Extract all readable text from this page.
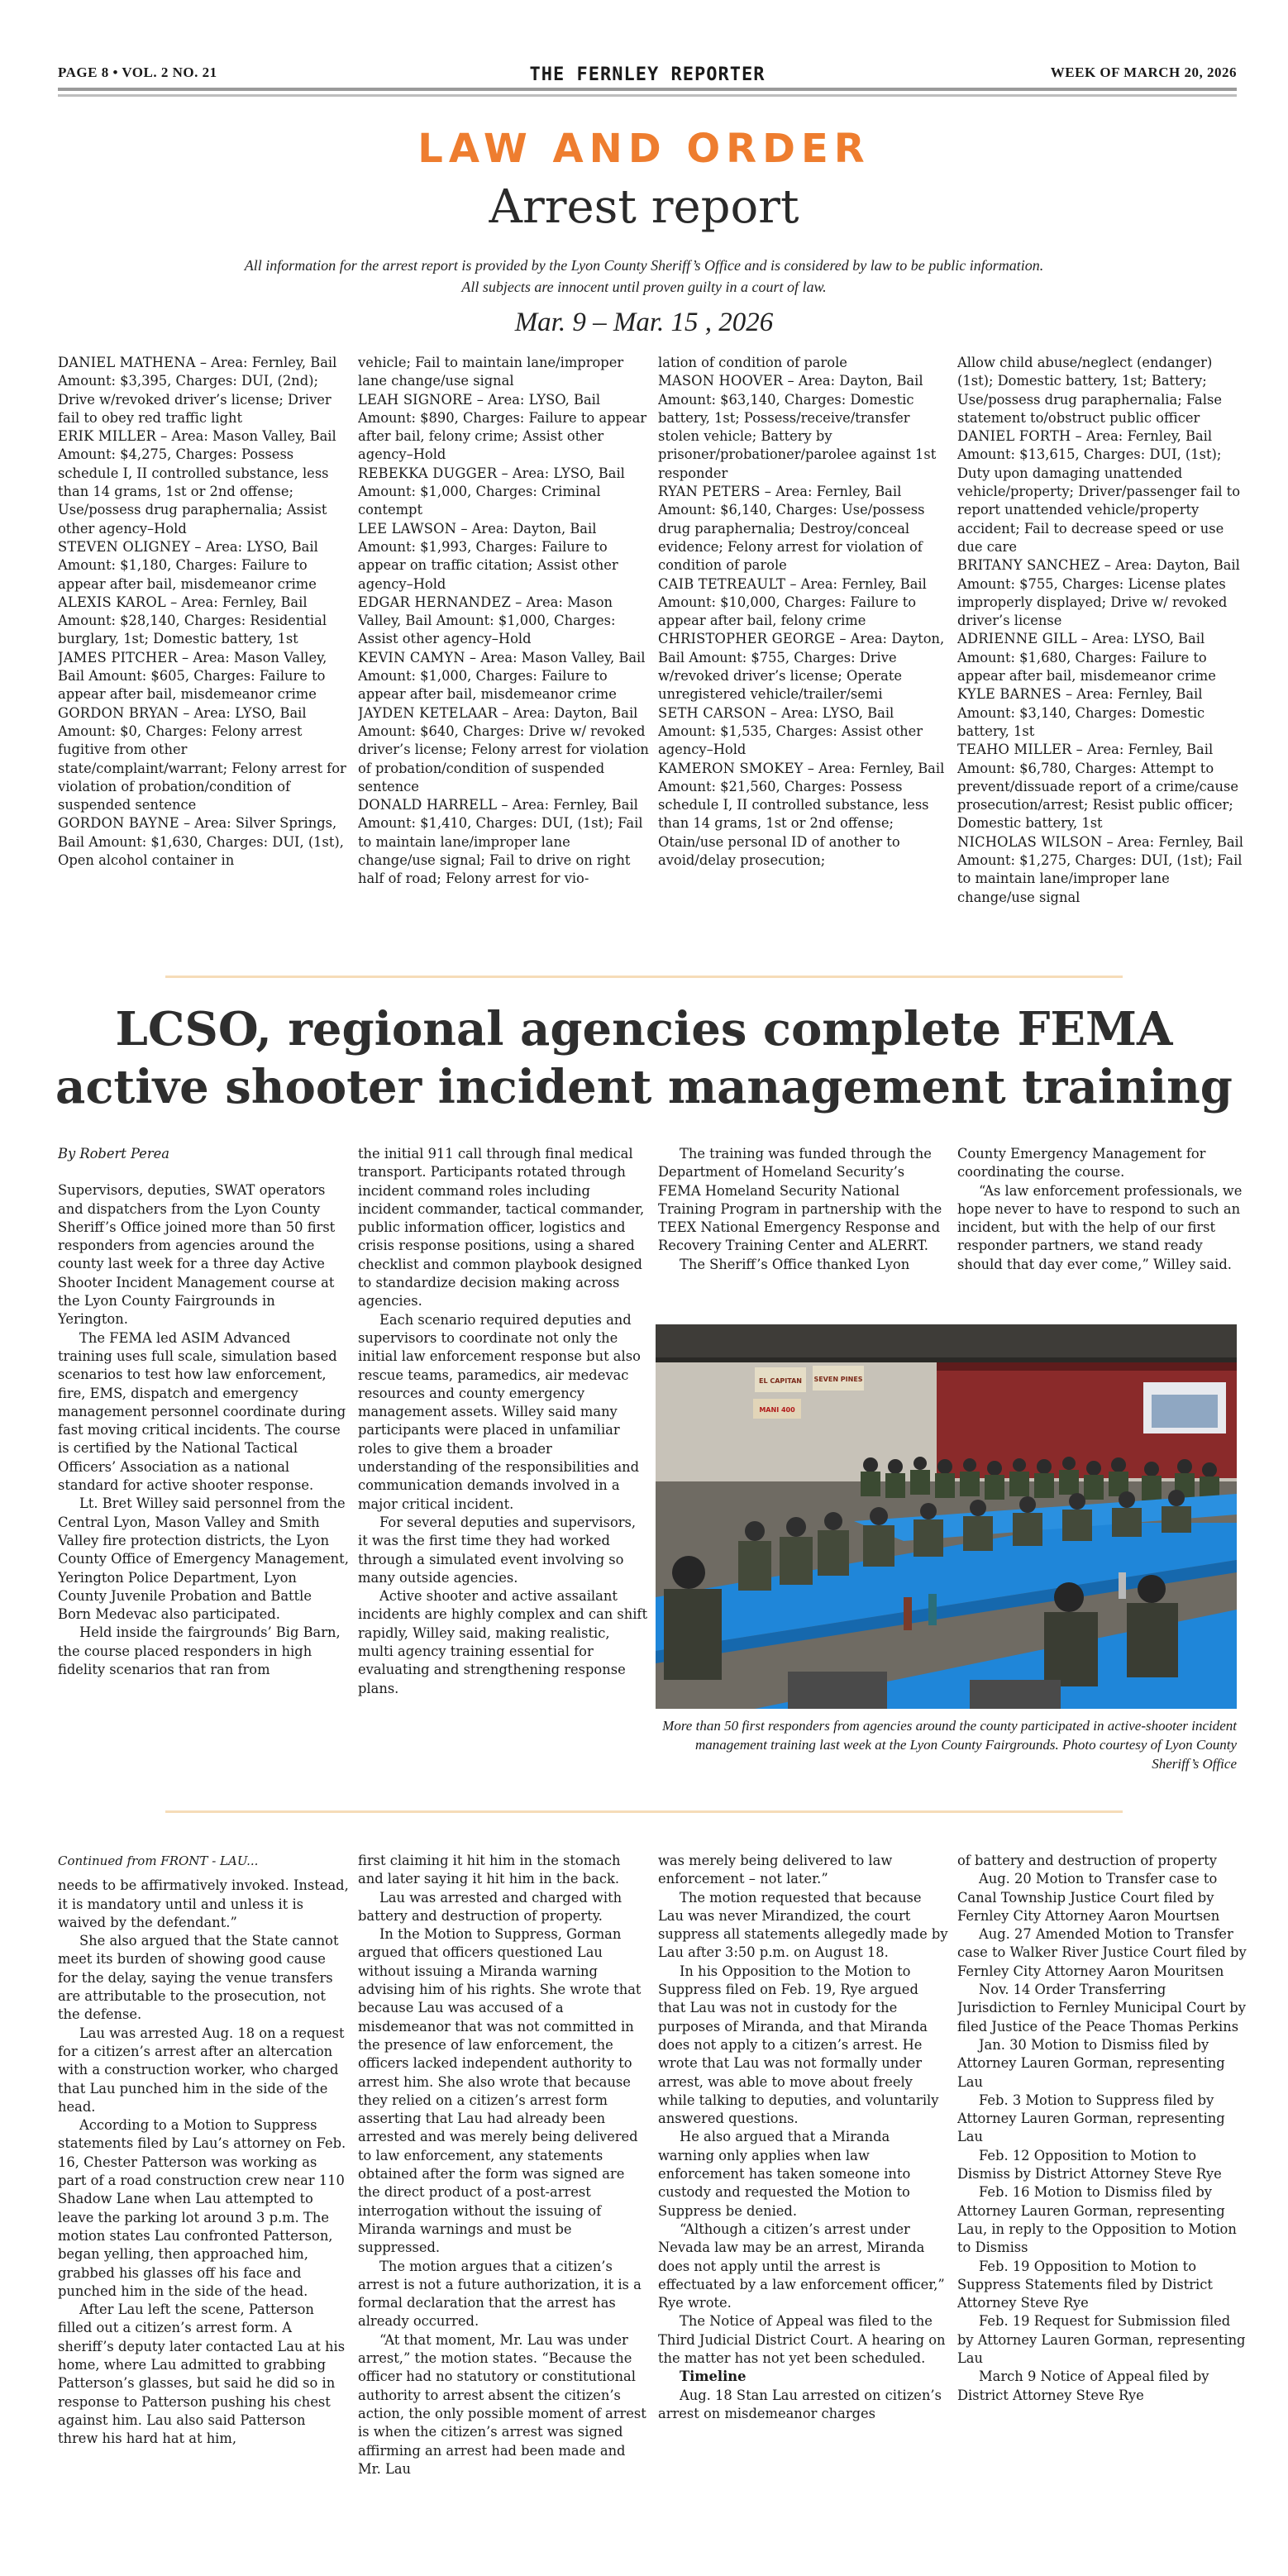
PAGE 8 • VOL. 2 NO. 21	THE FERNLEY REPORTER	WEEK OF MARCH 20, 2026
LAW AND ORDER
Arrest report
All information for the arrest report is provided by the Lyon County Sheriff’s Office and is considered by law to be public information.
All subjects are innocent until proven guilty in a court of law.
Mar. 9 – Mar. 15 , 2026

DANIEL MATHENA – Area: Fernley, Bail Amount: $3,395, Charges: DUI, (2nd); Drive w/revoked driver’s license; Driver fail to obey red traffic light

ERIK MILLER – Area: Mason Valley, Bail Amount: $4,275, Charges: Possess schedule I, II controlled substance, less than 14 grams, 1st or 2nd offense; Use/possess drug paraphernalia; Assist other agency–Hold

STEVEN OLIGNEY – Area: LYSO, Bail Amount: $1,180, Charges: Failure to appear after bail, misdemeanor crime

ALEXIS KAROL – Area: Fernley, Bail Amount: $28,140, Charges: Residential burglary, 1st; Domestic battery, 1st

JAMES PITCHER – Area: Mason Valley, Bail Amount: $605, Charges: Failure to appear after bail, misdemeanor crime

GORDON BRYAN – Area: LYSO, Bail Amount: $0, Charges: Felony arrest fugitive from other state/complaint/warrant; Felony arrest for violation of probation/condition of suspended sentence

GORDON BAYNE – Area: Silver Springs, Bail Amount: $1,630, Charges: DUI, (1st), Open alcohol container in

vehicle; Fail to maintain lane/improper lane change/use signal

LEAH SIGNORE – Area: LYSO, Bail Amount: $890, Charges: Failure to appear after bail, felony crime; Assist other agency–Hold

REBEKKA DUGGER – Area: LYSO, Bail Amount: $1,000, Charges: Criminal contempt

LEE LAWSON – Area: Dayton, Bail Amount: $1,993, Charges: Failure to appear on traffic citation; Assist other agency–Hold

EDGAR HERNANDEZ – Area: Mason Valley, Bail Amount: $1,000, Charges: Assist other agency–Hold

KEVIN CAMYN – Area: Mason Valley, Bail Amount: $1,000, Charges: Failure to appear after bail, misdemeanor crime

JAYDEN KETELAAR – Area: Dayton, Bail Amount: $640, Charges: Drive w/ revoked driver’s license; Felony arrest for violation of probation/condition of suspended sentence

DONALD HARRELL – Area: Fernley, Bail Amount: $1,410, Charges: DUI, (1st); Fail to maintain lane/improper lane change/use signal; Fail to drive on right half of road; Felony arrest for vio-

lation of condition of parole

MASON HOOVER – Area: Dayton, Bail Amount: $63,140, Charges: Domestic battery, 1st; Possess/receive/transfer stolen vehicle; Battery by prisoner/probationer/parolee against 1st responder

RYAN PETERS – Area: Fernley, Bail Amount: $6,140, Charges: Use/possess drug paraphernalia; Destroy/conceal evidence; Felony arrest for violation of condition of parole

CAIB TETREAULT – Area: Fernley, Bail Amount: $10,000, Charges: Failure to appear after bail, felony crime

CHRISTOPHER GEORGE – Area: Dayton, Bail Amount: $755, Charges: Drive w/revoked driver’s license; Operate unregistered vehicle/trailer/semi

SETH CARSON – Area: LYSO, Bail Amount: $1,535, Charges: Assist other agency–Hold

KAMERON SMOKEY – Area: Fernley, Bail Amount: $21,560, Charges: Possess schedule I, II controlled substance, less than 14 grams, 1st or 2nd offense; Otain/use personal ID of another to avoid/delay prosecution;

Allow child abuse/neglect (endanger) (1st); Domestic battery, 1st; Battery; Use/possess drug paraphernalia; False statement to/obstruct public officer

DANIEL FORTH – Area: Fernley, Bail Amount: $13,615, Charges: DUI, (1st); Duty upon damaging unattended vehicle/property; Driver/passenger fail to report unattended vehicle/property accident; Fail to decrease speed or use due care

BRITANY SANCHEZ – Area: Dayton, Bail Amount: $755, Charges: License plates improperly displayed; Drive w/ revoked driver’s license

ADRIENNE GILL – Area: LYSO, Bail Amount: $1,680, Charges: Failure to appear after bail, misdemeanor crime

KYLE BARNES – Area: Fernley, Bail Amount: $3,140, Charges: Domestic battery, 1st

TEAHO MILLER – Area: Fernley, Bail Amount: $6,780, Charges: Attempt to prevent/dissuade report of a crime/cause prosecution/arrest; Resist public officer; Domestic battery, 1st

NICHOLAS WILSON – Area: Fernley, Bail Amount: $1,275, Charges: DUI, (1st); Fail to maintain lane/improper lane change/use signal

LCSO, regional agencies complete FEMA active shooter incident management training

By Robert Perea

Supervisors, deputies, SWAT operators and dispatchers from the Lyon County Sheriff’s Office joined more than 50 first responders from agencies around the county last week for a three day Active Shooter Incident Management course at the Lyon County Fairgrounds in Yerington.

The FEMA led ASIM Advanced training uses full scale, simulation based scenarios to test how law enforcement, fire, EMS, dispatch and emergency management personnel coordinate during fast moving critical incidents. The course is certified by the National Tactical Officers’ Association as a national standard for active shooter response.

Lt. Bret Willey said personnel from the Central Lyon, Mason Valley and Smith Valley fire protection districts, the Lyon County Office of Emergency Management, Yerington Police Department, Lyon County Juvenile Probation and Battle Born Medevac also participated.

Held inside the fairgrounds’ Big Barn, the course placed responders in high fidelity scenarios that ran from

the initial 911 call through final medical transport. Participants rotated through incident command roles including incident commander, tactical commander, public information officer, logistics and crisis response positions, using a shared checklist and common playbook designed to standardize decision making across agencies.

Each scenario required deputies and supervisors to coordinate not only the initial law enforcement response but also rescue teams, paramedics, air medevac resources and county emergency management assets. Willey said many participants were placed in unfamiliar roles to give them a broader understanding of the responsibilities and communication demands involved in a major critical incident.

For several deputies and supervisors, it was the first time they had worked through a simulated event involving so many outside agencies.

Active shooter and active assailant incidents are highly complex and can shift rapidly, Willey said, making realistic, multi agency training essential for evaluating and strengthening response plans.

The training was funded through the Department of Homeland Security’s FEMA Homeland Security National Training Program in partnership with the TEEX National Emergency Response and Recovery Training Center and ALERRT.

The Sheriff’s Office thanked Lyon

County Emergency Management for coordinating the course.

“As law enforcement professionals, we hope never to have to respond to such an incident, but with the help of our first responder partners, we stand ready should that day ever come,” Willey said.

EL CAPITAN SEVEN PINES
MANI 400
More than 50 first responders from agencies around the county participated in active-shooter incident management training last week at the Lyon County Fairgrounds. Photo courtesy of Lyon County Sheriff’s Office

Continued from FRONT - LAU...

needs to be affirmatively invoked. Instead, it is mandatory until and unless it is waived by the defendant.”

She also argued that the State cannot meet its burden of showing good cause for the delay, saying the venue transfers are attributable to the prosecution, not the defense.

Lau was arrested Aug. 18 on a request for a citizen’s arrest after an altercation with a construction worker, who charged that Lau punched him in the side of the head.

According to a Motion to Suppress statements filed by Lau’s attorney on Feb. 16, Chester Patterson was working as part of a road construction crew near 110 Shadow Lane when Lau attempted to leave the parking lot around 3 p.m. The motion states Lau confronted Patterson, began yelling, then approached him, grabbed his glasses off his face and punched him in the side of the head.

After Lau left the scene, Patterson filled out a citizen’s arrest form. A sheriff’s deputy later contacted Lau at his home, where Lau admitted to grabbing Patterson’s glasses, but said he did so in response to Patterson pushing his chest against him. Lau also said Patterson threw his hard hat at him,

first claiming it hit him in the stomach and later saying it hit him in the back.

Lau was arrested and charged with battery and destruction of property.

In the Motion to Suppress, Gorman argued that officers questioned Lau without issuing a Miranda warning advising him of his rights. She wrote that because Lau was accused of a misdemeanor that was not committed in the presence of law enforcement, the officers lacked independent authority to arrest him. She also wrote that because they relied on a citizen’s arrest form asserting that Lau had already been arrested and was merely being delivered to law enforcement, any statements obtained after the form was signed are the direct product of a post-arrest interrogation without the issuing of Miranda warnings and must be suppressed.

The motion argues that a citizen’s arrest is not a future authorization, it is a formal declaration that the arrest has already occurred.

“At that moment, Mr. Lau was under arrest,” the motion states. “Because the officer had no statutory or constitutional authority to arrest absent the citizen’s action, the only possible moment of arrest is when the citizen’s arrest was signed affirming an arrest had been made and Mr. Lau

was merely being delivered to law enforcement – not later.”

The motion requested that because Lau was never Mirandized, the court suppress all statements allegedly made by Lau after 3:50 p.m. on August 18.

In his Opposition to the Motion to Suppress filed on Feb. 19, Rye argued that Lau was not in custody for the purposes of Miranda, and that Miranda does not apply to a citizen’s arrest. He wrote that Lau was not formally under arrest, was able to move about freely while talking to deputies, and voluntarily answered questions.

He also argued that a Miranda warning only applies when law enforcement has taken someone into custody and requested the Motion to Suppress be denied.

“Although a citizen’s arrest under Nevada law may be an arrest, Miranda does not apply until the arrest is effectuated by a law enforcement officer,” Rye wrote.

The Notice of Appeal was filed to the Third Judicial District Court. A hearing on the matter has not yet been scheduled.

Timeline

Aug. 18 Stan Lau arrested on citizen’s arrest on misdemeanor charges

of battery and destruction of property

Aug. 20 Motion to Transfer case to Canal Township Justice Court filed by Fernley City Attorney Aaron Mourtsen

Aug. 27 Amended Motion to Transfer case to Walker River Justice Court filed by Fernley City Attorney Aaron Mouritsen

Nov. 14 Order Transferring Jurisdiction to Fernley Municipal Court by filed Justice of the Peace Thomas Perkins

Jan. 30 Motion to Dismiss filed by Attorney Lauren Gorman, representing Lau

Feb. 3 Motion to Suppress filed by Attorney Lauren Gorman, representing Lau

Feb. 12 Opposition to Motion to Dismiss by District Attorney Steve Rye

Feb. 16 Motion to Dismiss filed by Attorney Lauren Gorman, representing Lau, in reply to the Opposition to Motion to Dismiss

Feb. 19 Opposition to Motion to Suppress Statements filed by District Attorney Steve Rye

Feb. 19 Request for Submission filed by Attorney Lauren Gorman, representing Lau

March 9 Notice of Appeal filed by District Attorney Steve Rye
